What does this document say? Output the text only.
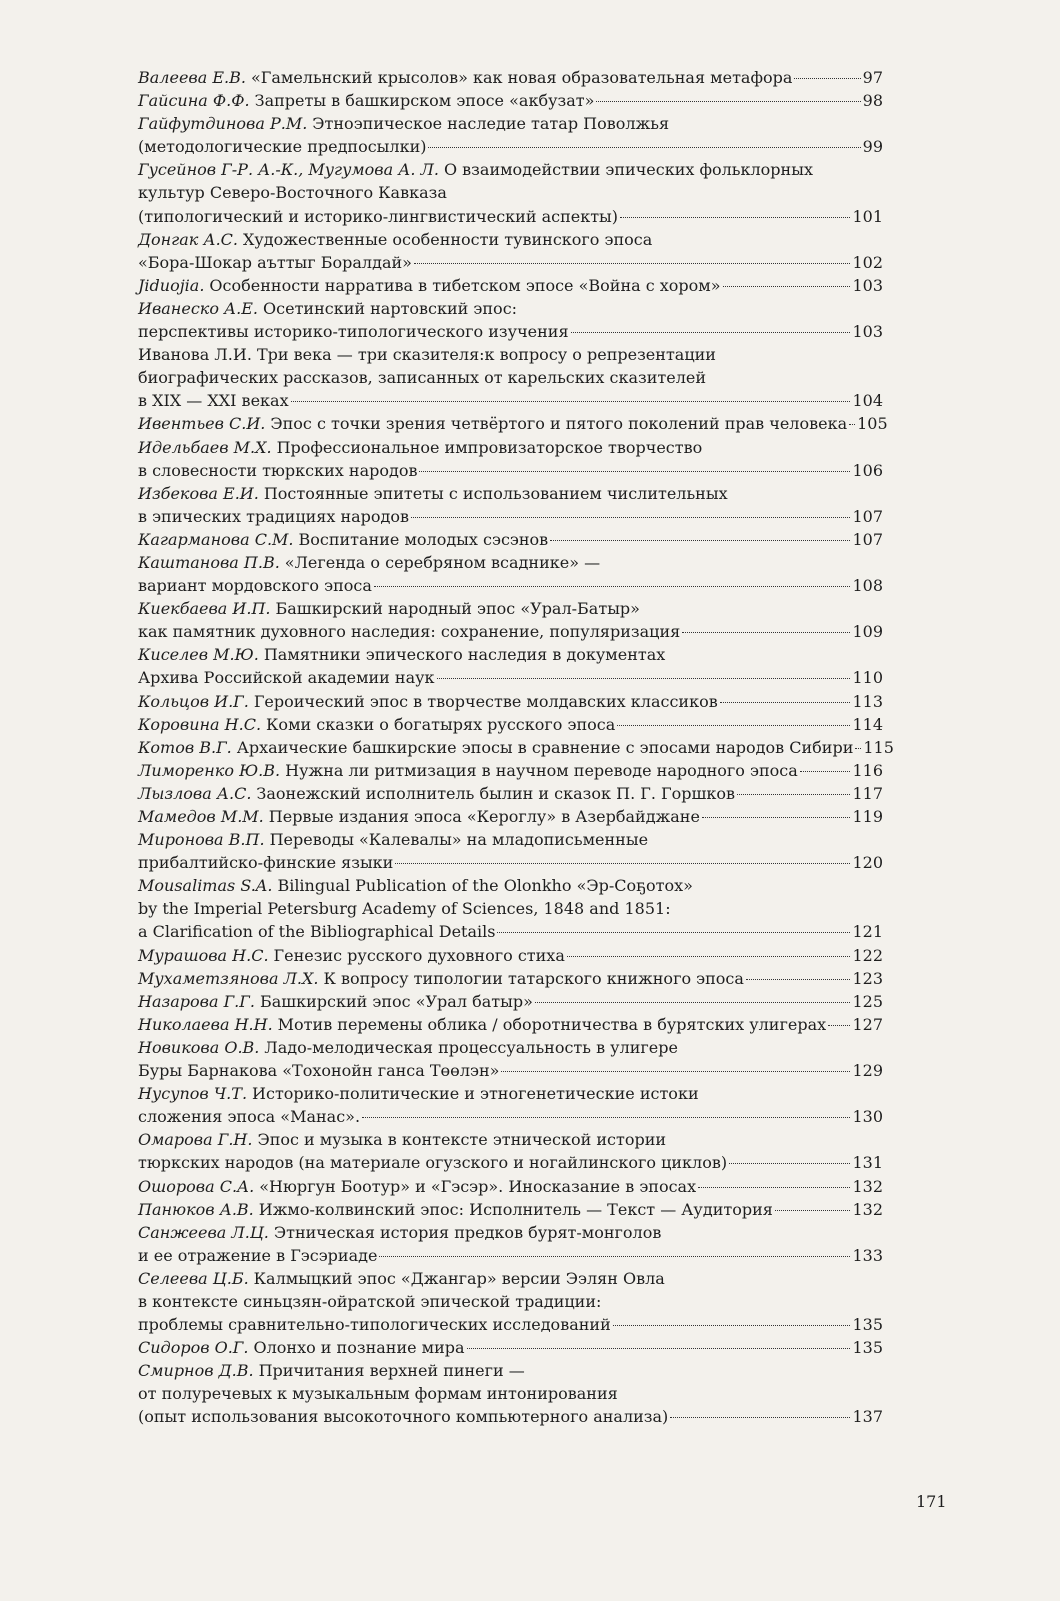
Валеева Е.В. «Гамельнский крысолов» как новая образовательная метафора	97
Гайсина Ф.Ф. Запреты в башкирском эпосе «акбузат»	98
Гайфутдинова Р.М. Этноэпическое наследие татар Поволжья
(методологические предпосылки)	99
Гусейнов Г-Р. А.-К., Мугумова А. Л. О взаимодействии эпических фольклорных
культур Северо-Восточного Кавказа
(типологический и историко-лингвистический аспекты)	101
Донгак А.С. Художественные особенности тувинского эпоса
«Бора-Шокар аъттыг Боралдай»	102
Jiduojia. Особенности нарратива в тибетском эпосе «Война с хором»	103
Иванеско А.Е. Осетинский нартовский эпос:
перспективы историко-типологического изучения	103
Иванова Л.И. Три века — три сказителя:к вопросу о репрезентации
биографических рассказов, записанных от карельских сказителей
в XIX — XXI веках	104
Ивентьев С.И. Эпос с точки зрения четвёртого и пятого поколений прав человека 105
Идельбаев М.Х. Профессиональное импровизаторское творчество
в словесности тюркских народов	106
Избекова Е.И. Постоянные эпитеты с использованием числительных
в эпических традициях народов	107
Кагарманова С.М. Воспитание молодых сэсэнов	107
Каштанова П.В. «Легенда о серебряном всаднике» —
вариант мордовского эпоса	108
Киекбаева И.П. Башкирский народный эпос «Урал-Батыр»
как памятник духовного наследия: сохранение, популяризация	109
Киселев М.Ю. Памятники эпического наследия в документах
Архива Российской академии наук	110
Кольцов И.Г. Героический эпос в творчестве молдавских классиков	113
Коровина Н.С. Коми сказки о богатырях русского эпоса	114
Котов В.Г. Архаические башкирские эпосы в сравнение с эпосами народов Сибири 115
Лиморенко Ю.В. Нужна ли ритмизация в научном переводе народного эпоса	116
Лызлова А.С. Заонежский исполнитель былин и сказок П. Г. Горшков	117
Мамедов М.М. Первые издания эпоса «Кероглу» в Азербайджане	119
Миронова В.П. Переводы «Калевалы» на младописьменные
прибалтийско-финские языки	120
Mousalimas S.A. Bilingual Publication of the Olonkho «Эр-Соҕотох»
by the Imperial Petersburg Academy of Sciences, 1848 and 1851:
a Clarification of the Bibliographical Details	121
Мурашова Н.С. Генезис русского духовного стиха	122
Мухаметзянова Л.Х. К вопросу типологии татарского книжного эпоса	123
Назарова Г.Г. Башкирский эпос «Урал батыр»	125
Николаева Н.Н. Мотив перемены облика / оборотничества в бурятских улигерах 127
Новикова О.В. Ладо-мелодическая процессуальность в улигере
Буры Барнакова «Тохонойн ганса Төөлэн»	129
Нусупов Ч.Т. Историко-политические и этногенетические истоки
сложения эпоса «Манас».	130
Омарова Г.Н. Эпос и музыка в контексте этнической истории
тюркских народов (на материале огузского и ногайлинского циклов)	131
Ошорова С.А. «Нюргун Боотур» и «Гэсэр». Иносказание в эпосах	132
Панюков А.В. Ижмо-колвинский эпос: Исполнитель — Текст — Аудитория	132
Санжеева Л.Ц. Этническая история предков бурят-монголов
и ее отражение в Гэсэриаде	133
Селеева Ц.Б. Калмыцкий эпос «Джангар» версии Ээлян Овла
в контексте синьцзян-ойратской эпической традиции:
проблемы сравнительно-типологических исследований	135
Сидоров О.Г. Олонхо и познание мира	135
Смирнов Д.В. Причитания верхней пинеги —
от полуречевых к музыкальным формам интонирования
(опыт использования высокоточного компьютерного анализа)	137
171
